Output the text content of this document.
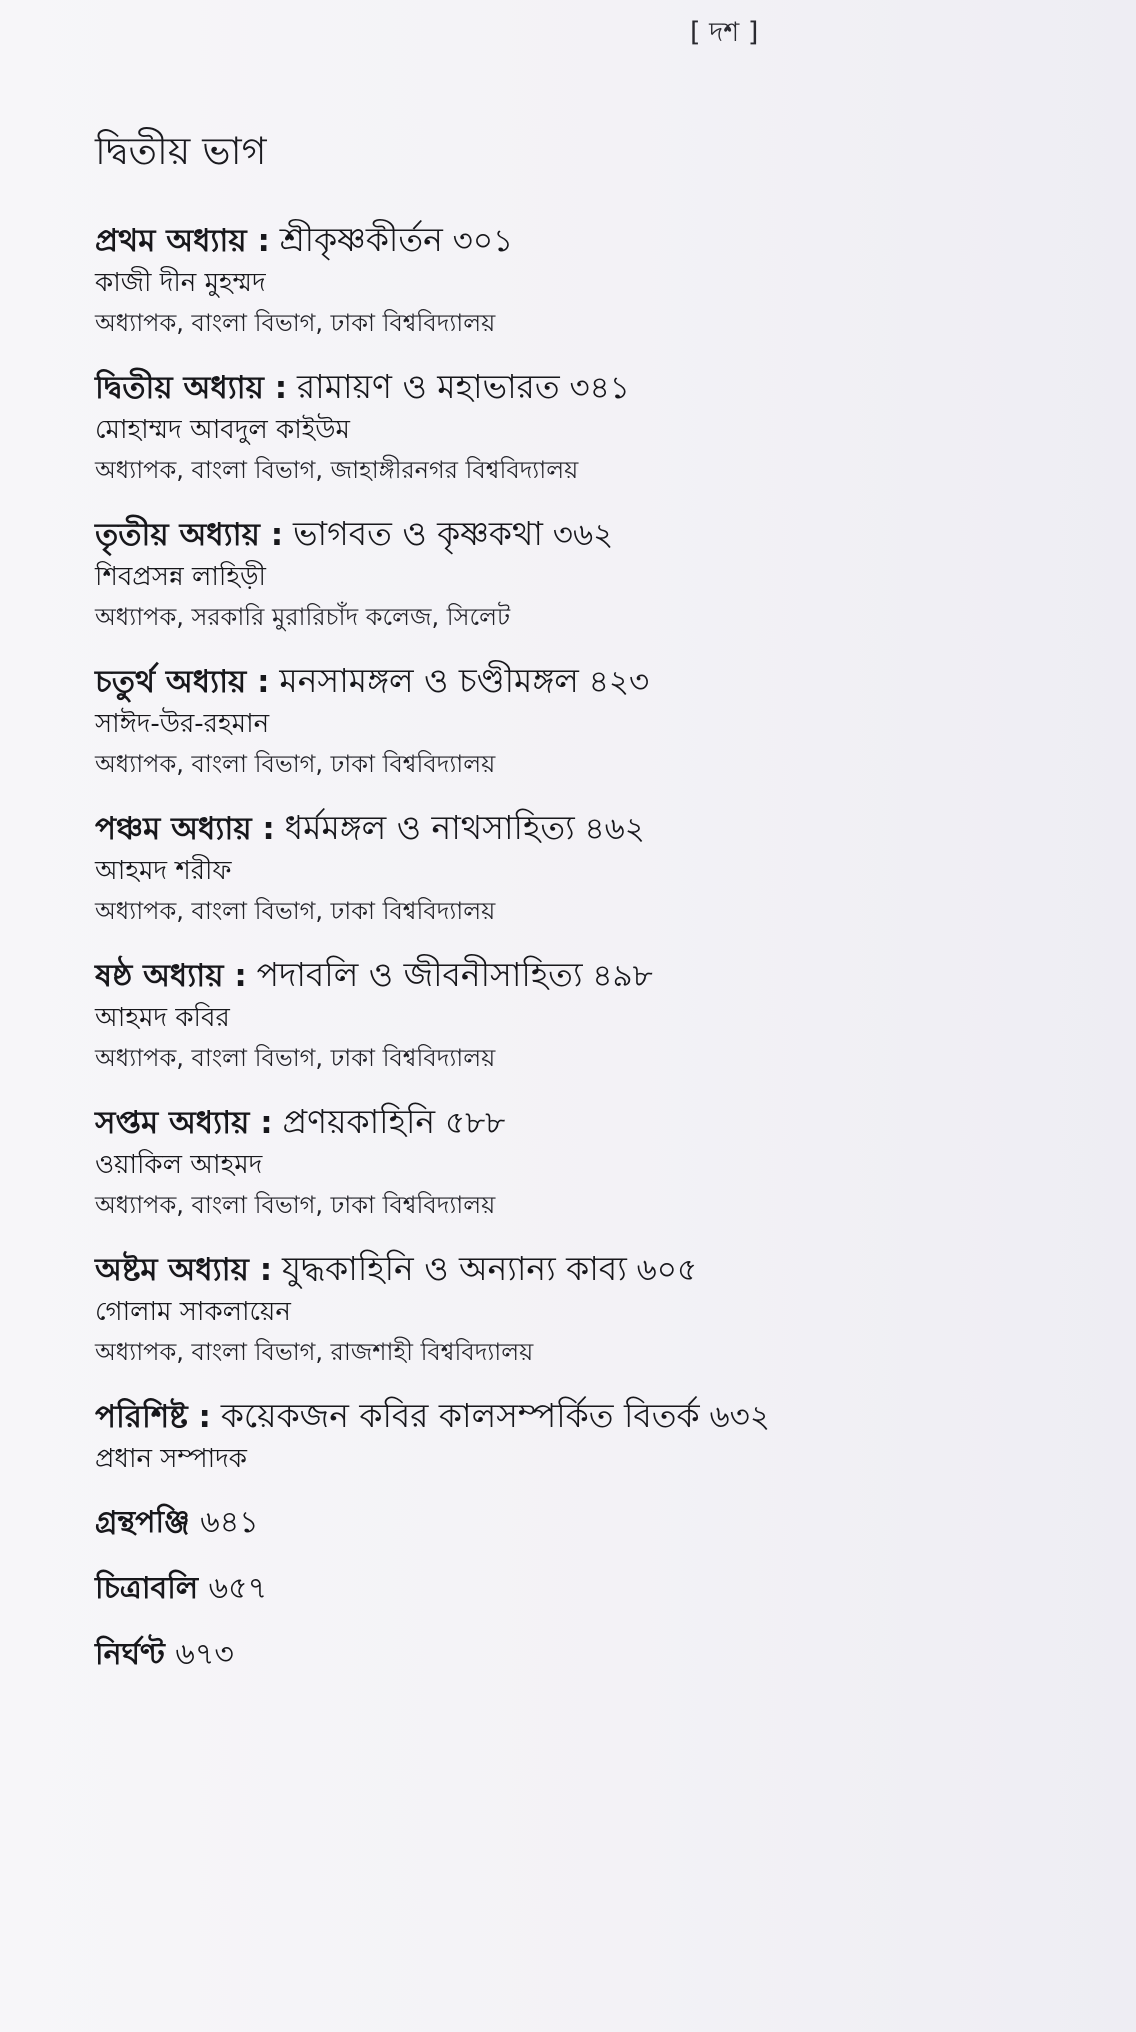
[ দশ ]
দ্বিতীয় ভাগ
প্রথম অধ্যায় : শ্রীকৃষ্ণকীর্তন ৩০১
কাজী দীন মুহম্মদ
অধ্যাপক, বাংলা বিভাগ, ঢাকা বিশ্ববিদ্যালয়
দ্বিতীয় অধ্যায় : রামায়ণ ও মহাভারত ৩৪১
মোহাম্মদ আবদুল কাইউম
অধ্যাপক, বাংলা বিভাগ, জাহাঙ্গীরনগর বিশ্ববিদ্যালয়
তৃতীয় অধ্যায় : ভাগবত ও কৃষ্ণকথা ৩৬২
শিবপ্রসন্ন লাহিড়ী
অধ্যাপক, সরকারি মুরারিচাঁদ কলেজ, সিলেট
চতুর্থ অধ্যায় : মনসামঙ্গল ও চণ্ডীমঙ্গল ৪২৩
সাঈদ-উর-রহমান
অধ্যাপক, বাংলা বিভাগ, ঢাকা বিশ্ববিদ্যালয়
পঞ্চম অধ্যায় : ধর্মমঙ্গল ও নাথসাহিত্য ৪৬২
আহমদ শরীফ
অধ্যাপক, বাংলা বিভাগ, ঢাকা বিশ্ববিদ্যালয়
ষষ্ঠ অধ্যায় : পদাবলি ও জীবনীসাহিত্য ৪৯৮
আহমদ কবির
অধ্যাপক, বাংলা বিভাগ, ঢাকা বিশ্ববিদ্যালয়
সপ্তম অধ্যায় : প্রণয়কাহিনি ৫৮৮
ওয়াকিল আহমদ
অধ্যাপক, বাংলা বিভাগ, ঢাকা বিশ্ববিদ্যালয়
অষ্টম অধ্যায় : যুদ্ধকাহিনি ও অন্যান্য কাব্য ৬০৫
গোলাম সাকলায়েন
অধ্যাপক, বাংলা বিভাগ, রাজশাহী বিশ্ববিদ্যালয়
পরিশিষ্ট : কয়েকজন কবির কালসম্পর্কিত বিতর্ক ৬৩২
প্রধান সম্পাদক
গ্রন্থপঞ্জি ৬৪১
চিত্রাবলি ৬৫৭
নির্ঘণ্ট ৬৭৩
